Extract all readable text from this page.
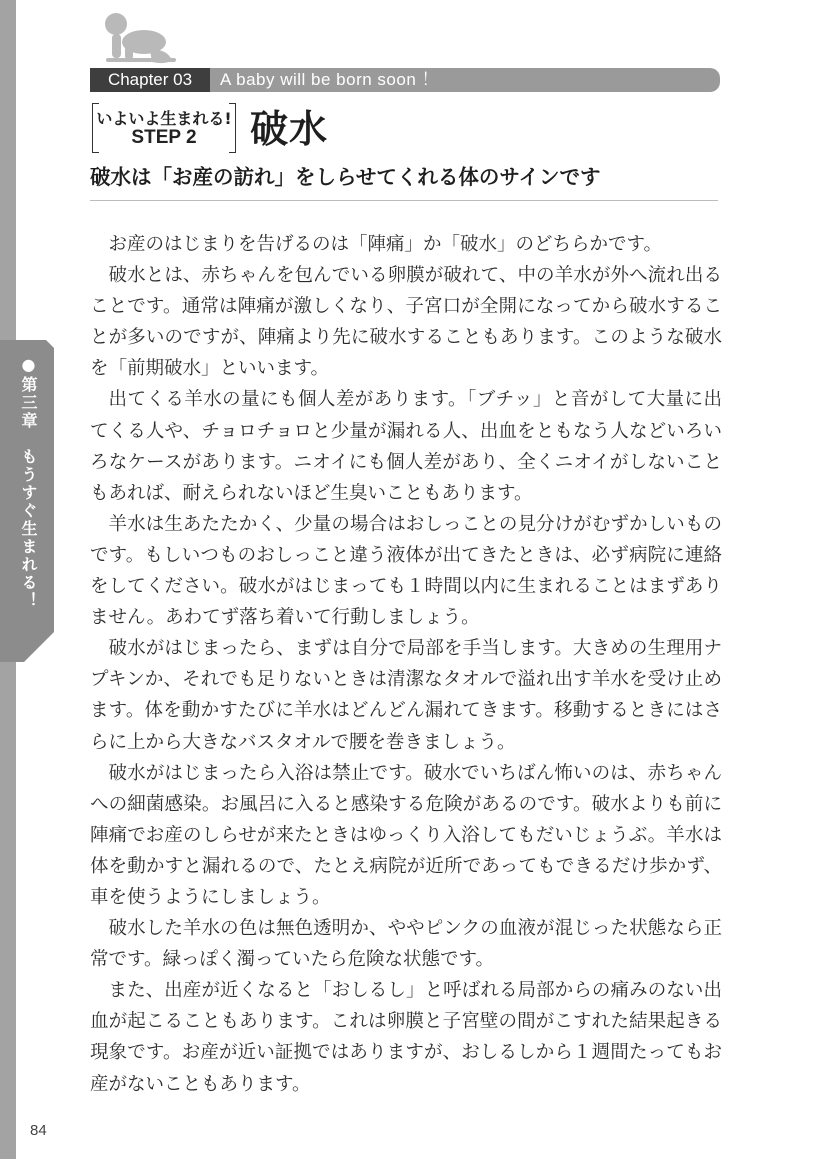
●第三章　もうすぐ生まれる！
Chapter 03	A baby will be born soon ！
いよいよ生まれる!
STEP 2	破水
破水は「お産の訪れ」をしらせてくれる体のサインです

お産のはじまりを告げるのは「陣痛」か「破水」のどちらかです。

破水とは、赤ちゃんを包んでいる卵膜が破れて、中の羊水が外へ流れ出ることです。通常は陣痛が激しくなり、子宮口が全開になってから破水することが多いのですが、陣痛より先に破水することもあります。このような破水を「前期破水」といいます。

出てくる羊水の量にも個人差があります。「ブチッ」と音がして大量に出てくる人や、チョロチョロと少量が漏れる人、出血をともなう人などいろいろなケースがあります。ニオイにも個人差があり、全くニオイがしないこともあれば、耐えられないほど生臭いこともあります。

羊水は生あたたかく、少量の場合はおしっことの見分けがむずかしいものです。もしいつものおしっこと違う液体が出てきたときは、必ず病院に連絡をしてください。破水がはじまっても１時間以内に生まれることはまずありません。あわてず落ち着いて行動しましょう。

破水がはじまったら、まずは自分で局部を手当します。大きめの生理用ナプキンか、それでも足りないときは清潔なタオルで溢れ出す羊水を受け止めます。体を動かすたびに羊水はどんどん漏れてきます。移動するときにはさらに上から大きなバスタオルで腰を巻きましょう。

破水がはじまったら入浴は禁止です。破水でいちばん怖いのは、赤ちゃんへの細菌感染。お風呂に入ると感染する危険があるのです。破水よりも前に陣痛でお産のしらせが来たときはゆっくり入浴してもだいじょうぶ。羊水は体を動かすと漏れるので、たとえ病院が近所であってもできるだけ歩かず、車を使うようにしましょう。

破水した羊水の色は無色透明か、ややピンクの血液が混じった状態なら正常です。緑っぽく濁っていたら危険な状態です。

また、出産が近くなると「おしるし」と呼ばれる局部からの痛みのない出血が起こることもあります。これは卵膜と子宮壁の間がこすれた結果起きる現象です。お産が近い証拠ではありますが、おしるしから１週間たってもお産がないこともあります。

84
